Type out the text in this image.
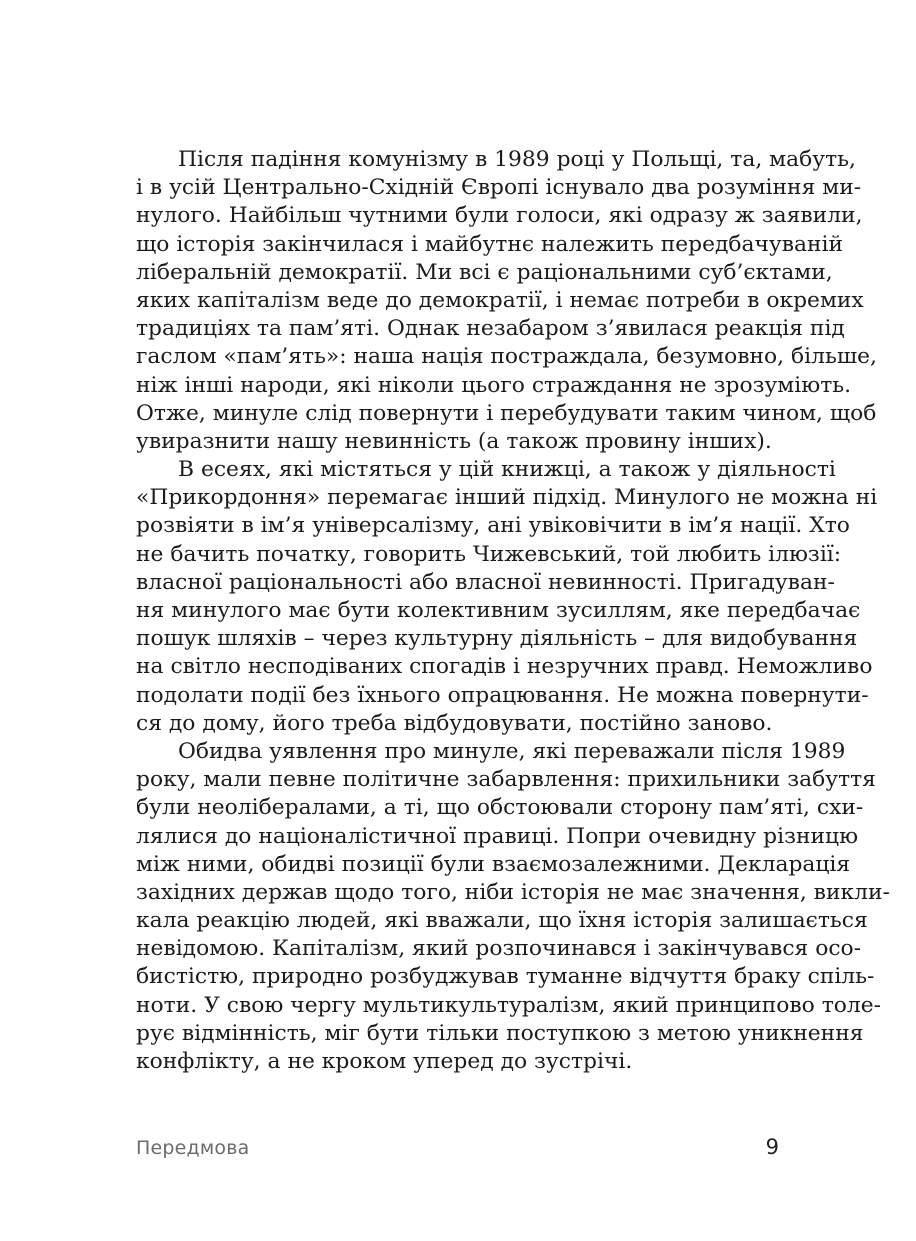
Після падіння комунізму в 1989 році у Польщі, та, мабуть,
і в усій Центрально-Східній Європі існувало два розуміння ми-
нулого. Найбільш чутними були голоси, які одразу ж заявили,
що історія закінчилася і майбутнє належить передбачуваній
ліберальній демократії. Ми всі є раціональними суб’єктами,
яких капіталізм веде до демократії, і немає потреби в окремих
традиціях та пам’яті. Однак незабаром з’явилася реакція під
гаслом «пам’ять»: наша нація постраждала, безумовно, більше,
ніж інші народи, які ніколи цього страждання не зрозуміють.
Отже, минуле слід повернути і перебудувати таким чином, щоб
увиразнити нашу невинність (а також провину інших).
В есеях, які містяться у цій книжці, а також у діяльності
«Прикордоння» перемагає інший підхід. Минулого не можна ні
розвіяти в ім’я універсалізму, ані увіковічити в ім’я нації. Хто
не бачить початку, говорить Чижевський, той любить ілюзії:
власної раціональності або власної невинності. Пригадуван-
ня минулого має бути колективним зусиллям, яке передбачає
пошук шляхів – через культурну діяльність – для видобування
на світло несподіваних спогадів і незручних правд. Неможливо
подолати події без їхнього опрацювання. Не можна повернути-
ся до дому, його треба відбудовувати, постійно заново.
Обидва уявлення про минуле, які переважали після 1989
року, мали певне політичне забарвлення: прихильники забуття
були неолібералами, а ті, що обстоювали сторону пам’яті, схи-
лялися до націоналістичної правиці. Попри очевидну різницю
між ними, обидві позиції були взаємозалежними. Декларація
західних держав щодо того, ніби історія не має значення, викли-
кала реакцію людей, які вважали, що їхня історія залишається
невідомою. Капіталізм, який розпочинався і закінчувався осо-
бистістю, природно розбуджував туманне відчуття браку спіль-
ноти. У свою чергу мультикультуралізм, який принципово толе-
рує відмінність, міг бути тільки поступкою з метою уникнення
конфлікту, а не кроком уперед до зустрічі.
Передмова	9
